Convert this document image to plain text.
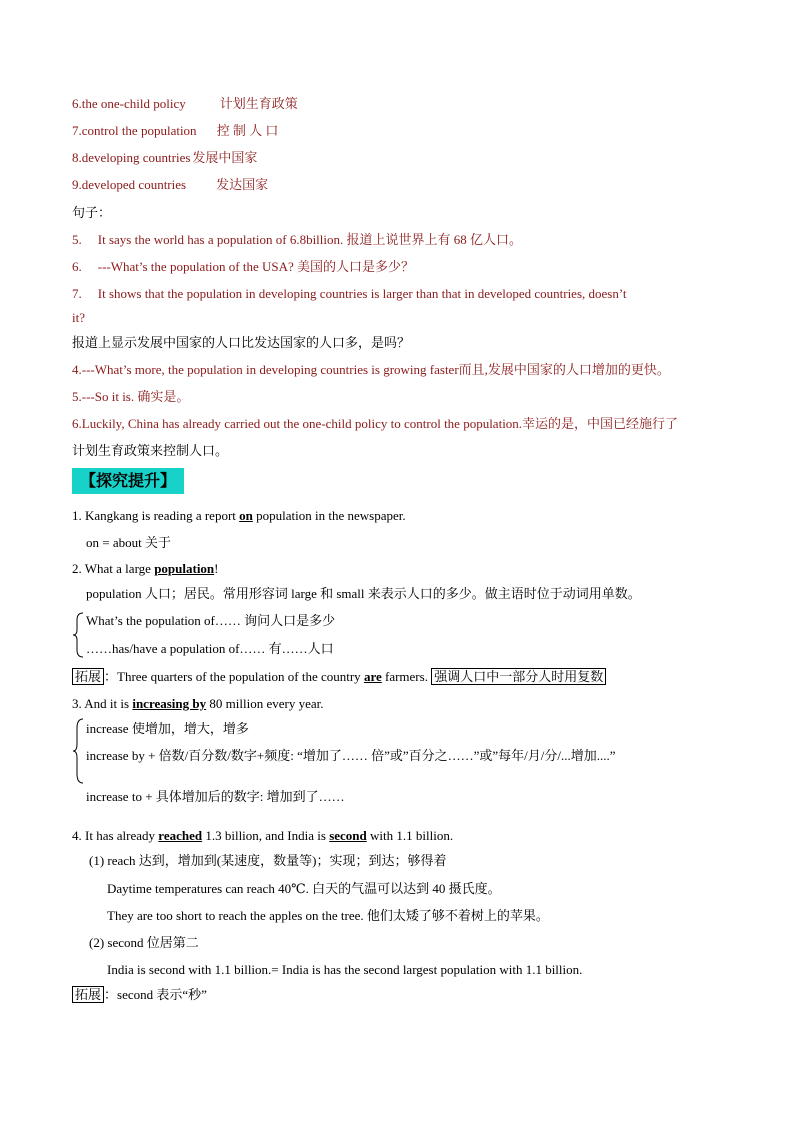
6.the one-child policy	计划生育政策
7.control the population 控 制 人 口
8.developing countries 发展中国家
9.developed countries 发达国家
句子：
5. It says the world has a population of 6.8billion. 报道上说世界上有 68 亿人口。
6. ---What’s the population of the USA? 美国的人口是多少？
7. It shows that the population in developing countries is larger than that in developed countries, doesn’t
it?
报道上显示发展中国家的人口比发达国家的人口多，是吗？
4.---What’s more, the population in developing countries is growing faster而且,发展中国家的人口增加的更快。
5.---So it is. 确实是。
6.Luckily, China has already carried out the one-child policy to control the population.幸运的是，中国已经施行了
计划生育政策来控制人口。
【探究提升】
1. Kangkang is reading a report on population in the newspaper.
on = about 关于
2. What a large population!
population 人口；居民。常用形容词 large 和 small 来表示人口的多少。做主语时位于动词用单数。
What’s the population of…… 询问人口是多少
……has/have a population of…… 有……人口
拓展 ：Three quarters of the population of the country are farmers. 强调人口中一部分人时用复数
3. And it is increasing by 80 million every year.
increase 使增加，增大，增多
increase by + 倍数/百分数/数字+频度: “增加了…… 倍”或”百分之……”或”每年/月/分/...增加....”
increase to + 具体增加后的数字: 增加到了……
4. It has already reached 1.3 billion, and India is second with 1.1 billion.
(1) reach 达到，增加到(某速度，数量等)；实现；到达；够得着
Daytime temperatures can reach 40℃. 白天的气温可以达到 40 摄氏度。
They are too short to reach the apples on the tree. 他们太矮了够不着树上的苹果。
(2) second 位居第二
India is second with 1.1 billion.= India is has the second largest population with 1.1 billion.
拓展 ：second 表示“秒”
